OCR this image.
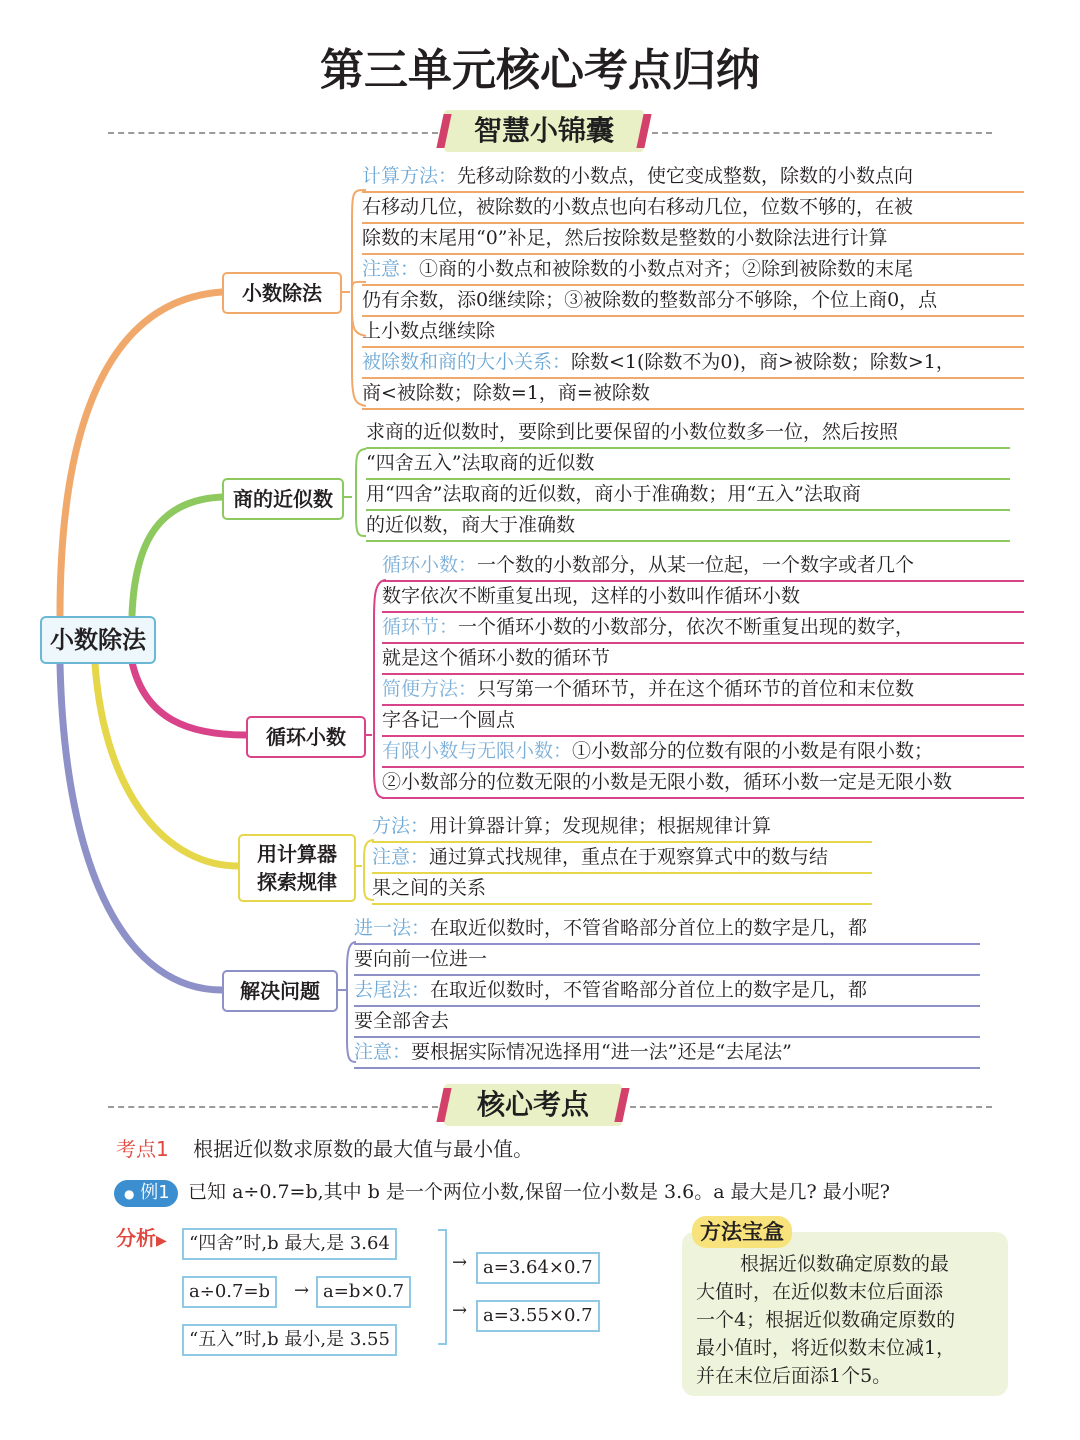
第三单元核心考点归纳
智慧小锦囊
小数除法
小数除法
商的近似数
循环小数
用计算器
探索规律
解决问题
计算方法：先移动除数的小数点，使它变成整数，除数的小数点向
右移动几位，被除数的小数点也向右移动几位，位数不够的，在被
除数的末尾用“0”补足，然后按除数是整数的小数除法进行计算
注意：①商的小数点和被除数的小数点对齐；②除到被除数的末尾
仍有余数，添0继续除；③被除数的整数部分不够除，个位上商0，点
上小数点继续除
被除数和商的大小关系：除数<1(除数不为0)，商>被除数；除数>1，
商<被除数；除数=1，商=被除数
求商的近似数时，要除到比要保留的小数位数多一位，然后按照
“四舍五入”法取商的近似数
用“四舍”法取商的近似数，商小于准确数；用“五入”法取商
的近似数，商大于准确数
循环小数：一个数的小数部分，从某一位起，一个数字或者几个
数字依次不断重复出现，这样的小数叫作循环小数
循环节：一个循环小数的小数部分，依次不断重复出现的数字，
就是这个循环小数的循环节
简便方法：只写第一个循环节，并在这个循环节的首位和末位数
字各记一个圆点
有限小数与无限小数：①小数部分的位数有限的小数是有限小数；
②小数部分的位数无限的小数是无限小数，循环小数一定是无限小数
方法：用计算器计算；发现规律；根据规律计算
注意：通过算式找规律，重点在于观察算式中的数与结
果之间的关系
进一法：在取近似数时，不管省略部分首位上的数字是几，都
要向前一位进一
去尾法：在取近似数时，不管省略部分首位上的数字是几，都
要全部舍去
注意：要根据实际情况选择用“进一法”还是“去尾法”
核心考点
考点1 根据近似数求原数的最大值与最小值。
● 例1 已知 a÷0.7=b,其中 b 是一个两位小数,保留一位小数是 3.6。a 最大是几? 最小呢?
分析▶	“四舍”时,b 最大,是 3.64
a÷0.7=b	→ a=b×0.7
“五入”时,b 最小,是 3.55
→
→
a=3.64×0.7
a=3.55×0.7
方法宝盒
根据近似数确定原数的最
大值时，在近似数末位后面添
一个4；根据近似数确定原数的
最小值时，将近似数末位减1，
并在末位后面添1个5。
